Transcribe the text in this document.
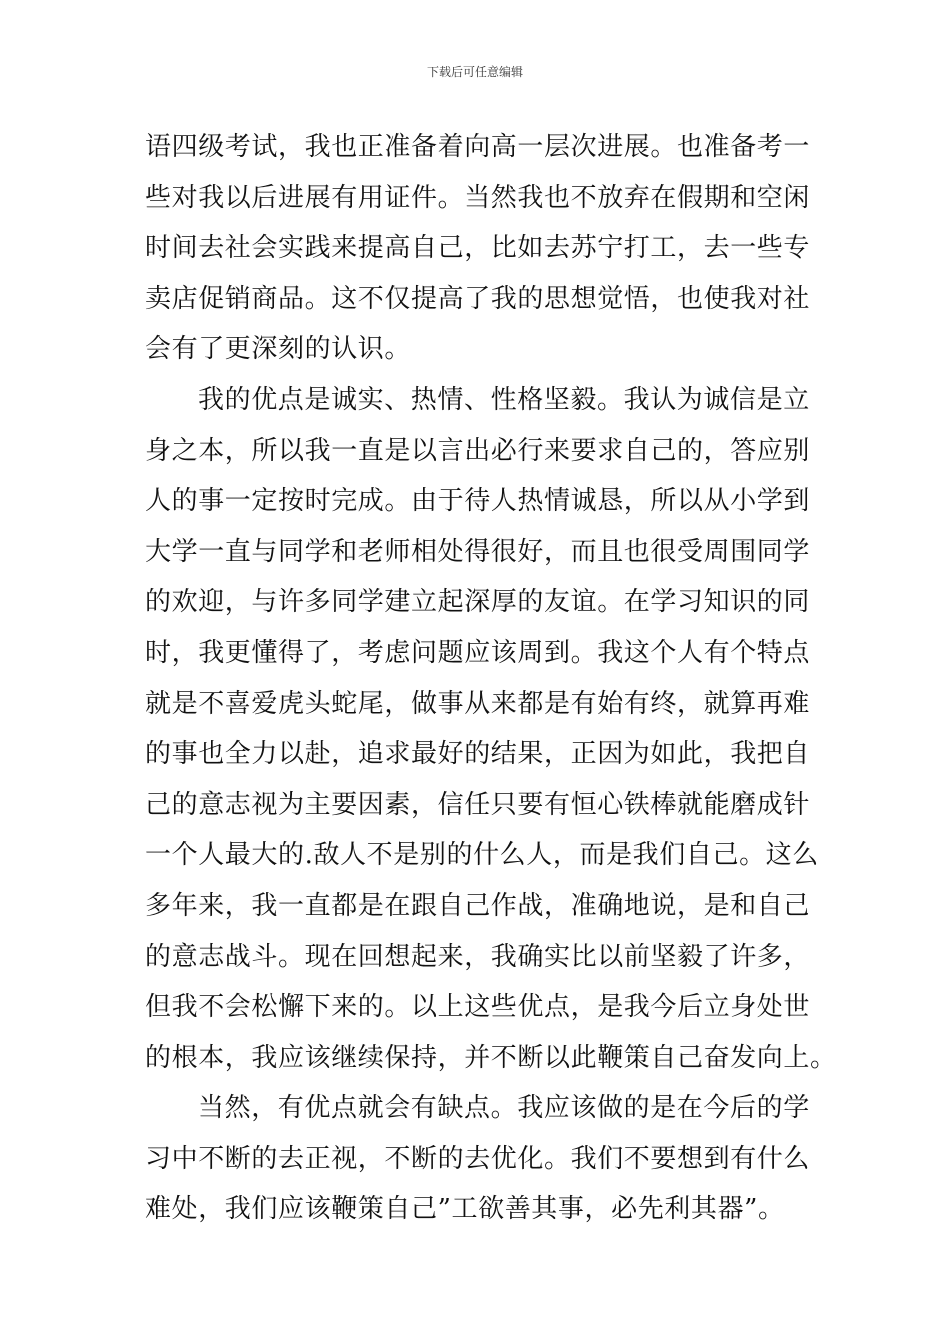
下载后可任意编辑
语四级考试，我也正准备着向高一层次进展。也准备考一
些对我以后进展有用证件。当然我也不放弃在假期和空闲
时间去社会实践来提高自己，比如去苏宁打工，去一些专
卖店促销商品。这不仅提高了我的思想觉悟，也使我对社
会有了更深刻的认识。
我的优点是诚实、热情、性格坚毅。我认为诚信是立
身之本，所以我一直是以言出必行来要求自己的，答应别
人的事一定按时完成。由于待人热情诚恳，所以从小学到
大学一直与同学和老师相处得很好，而且也很受周围同学
的欢迎，与许多同学建立起深厚的友谊。在学习知识的同
时，我更懂得了，考虑问题应该周到。我这个人有个特点
就是不喜爱虎头蛇尾，做事从来都是有始有终，就算再难
的事也全力以赴，追求最好的结果，正因为如此，我把自
己的意志视为主要因素，信任只要有恒心铁棒就能磨成针
一个人最大的.敌人不是别的什么人，而是我们自己。这么
多年来，我一直都是在跟自己作战，准确地说，是和自己
的意志战斗。现在回想起来，我确实比以前坚毅了许多，
但我不会松懈下来的。以上这些优点，是我今后立身处世
的根本，我应该继续保持，并不断以此鞭策自己奋发向上。
当然，有优点就会有缺点。我应该做的是在今后的学
习中不断的去正视，不断的去优化。我们不要想到有什么
难处，我们应该鞭策自己”工欲善其事，必先利其器”。
